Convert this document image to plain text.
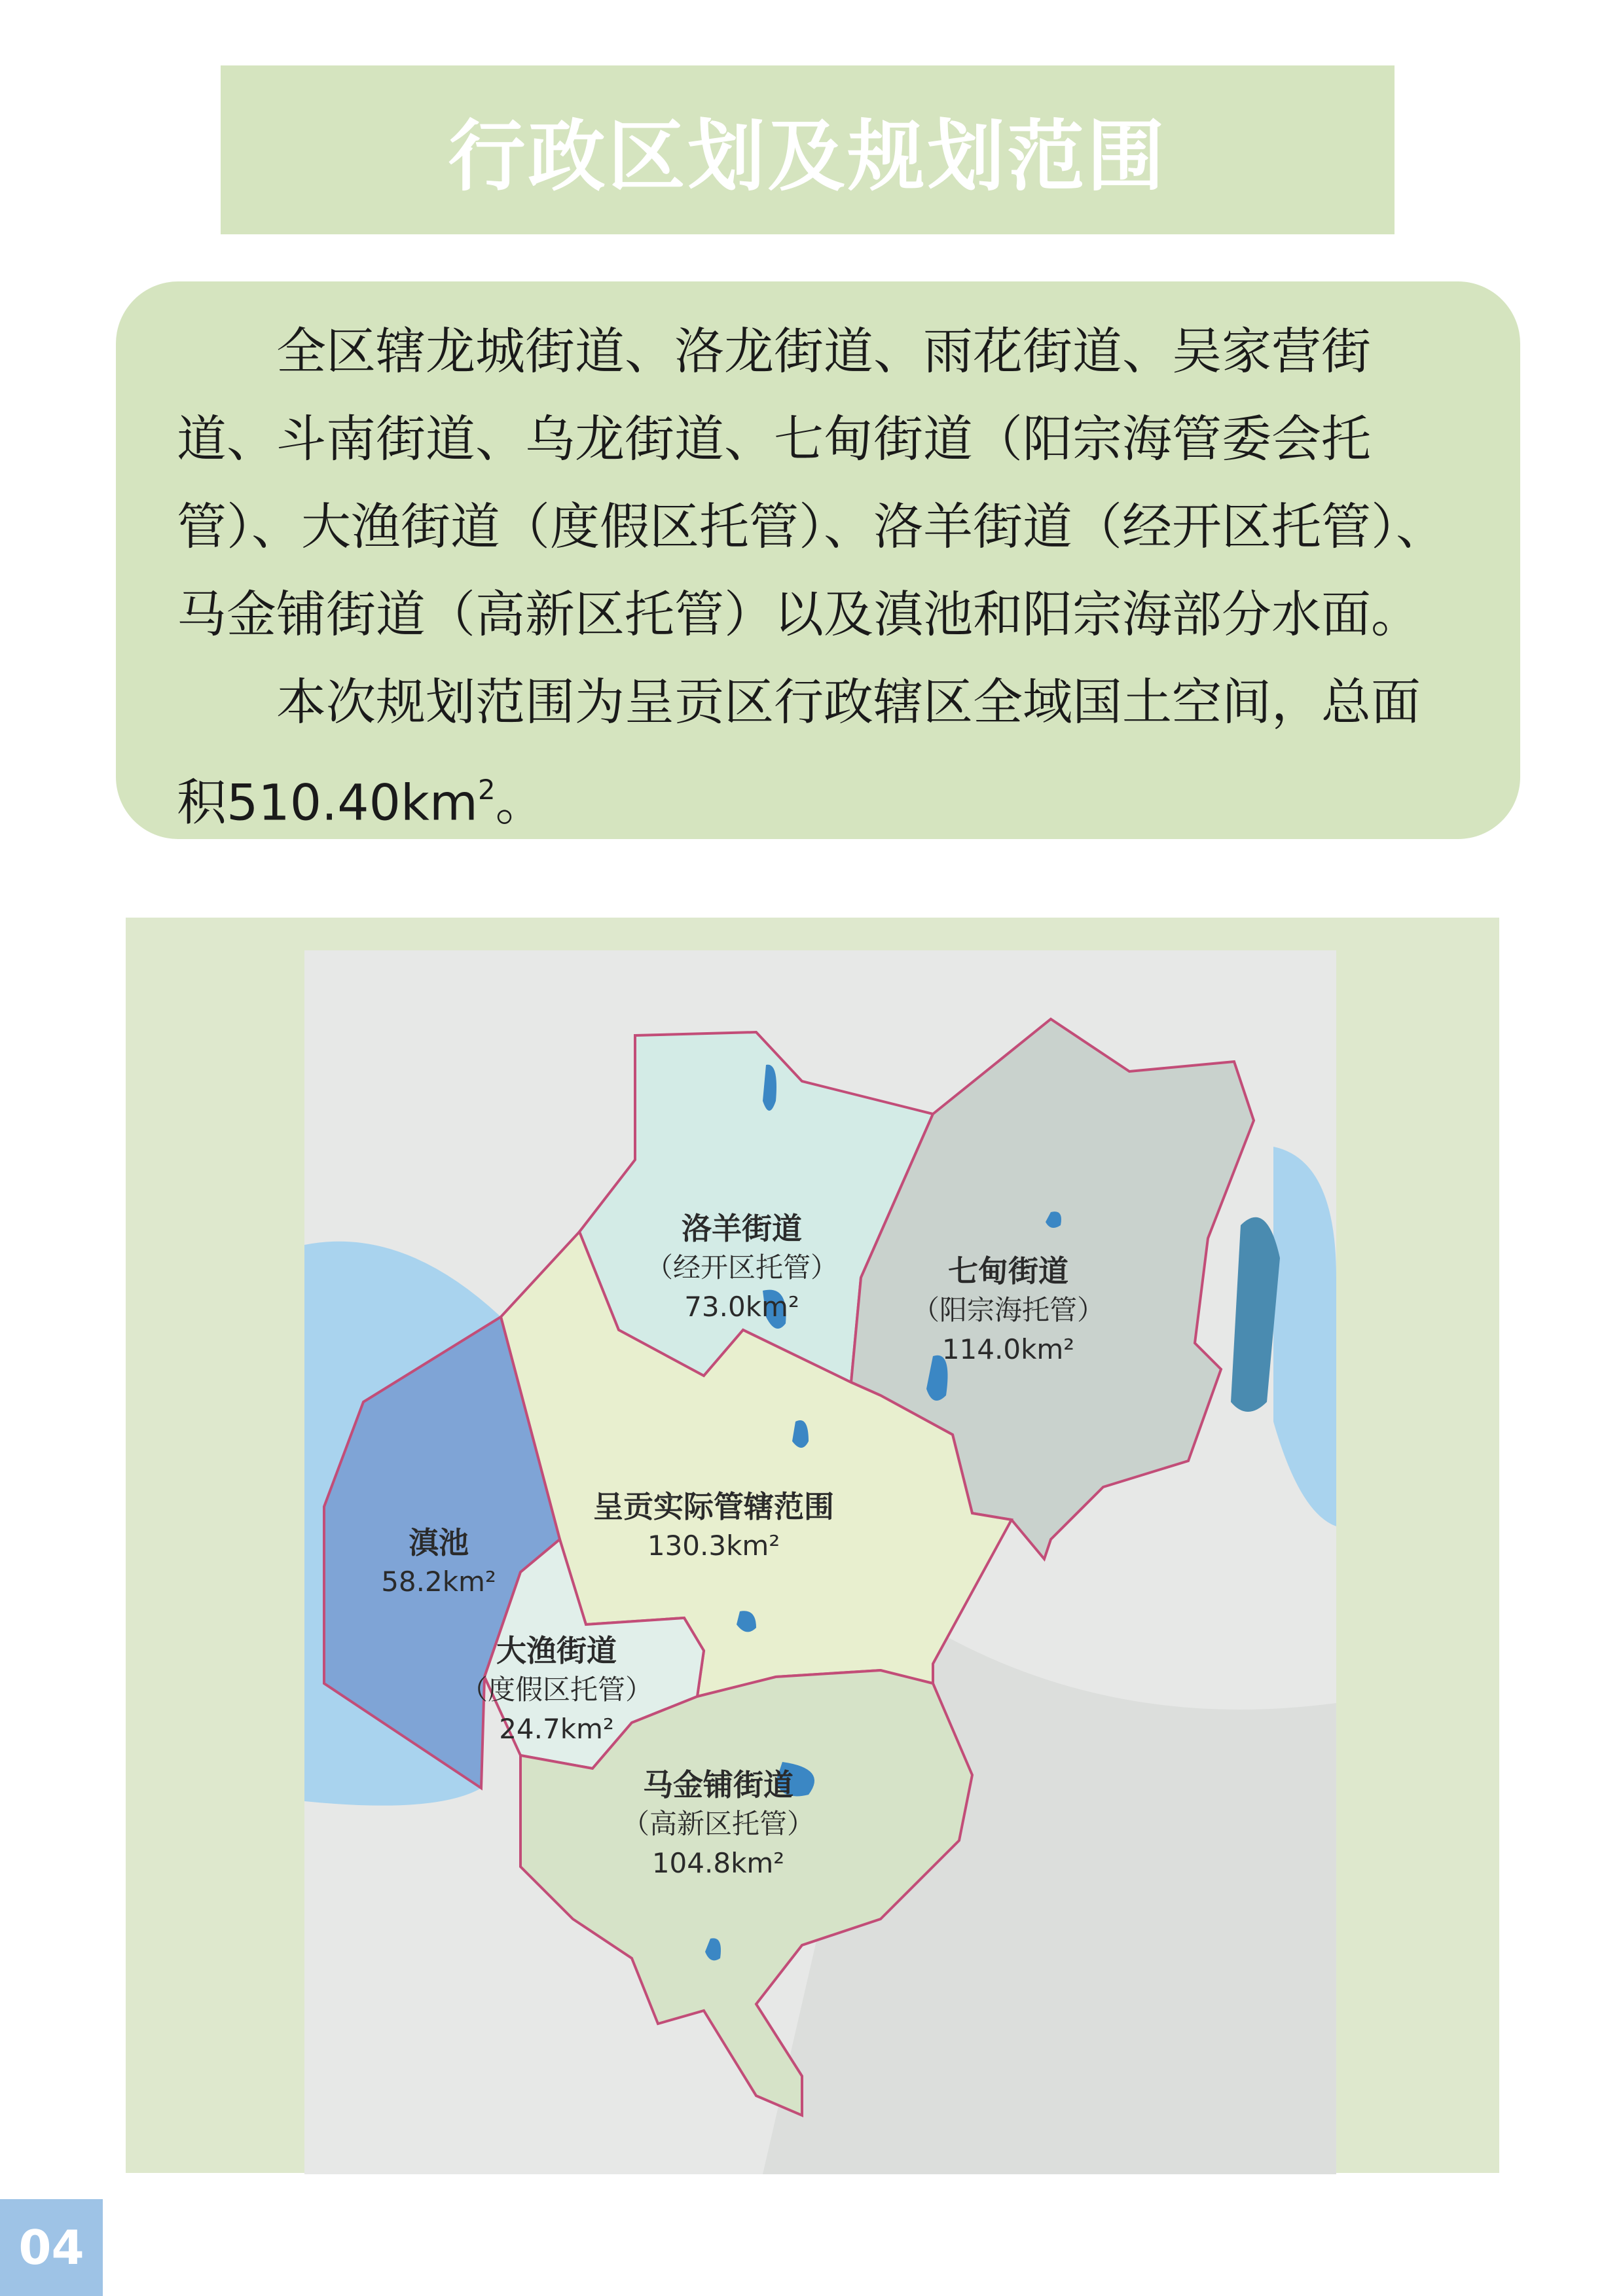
行政区划及规划范围

全区辖龙城街道、洛龙街道、雨花街道、吴家营街道、斗南街道、乌龙街道、七甸街道（阳宗海管委会托管）、大渔街道（度假区托管）、洛羊街道（经开区托管）、马金铺街道（高新区托管）以及滇池和阳宗海部分水面。

本次规划范围为呈贡区行政辖区全域国土空间，总面积$510.40km^2$。

洛羊街道
（经开区托管）
73.0km²
七甸街道
（阳宗海托管）
114.0km²
呈贡实际管辖范围
130.3km²
滇池
58.2km²
大渔街道
（度假区托管）
24.7km²
马金铺街道
（高新区托管）
104.8km²
04
